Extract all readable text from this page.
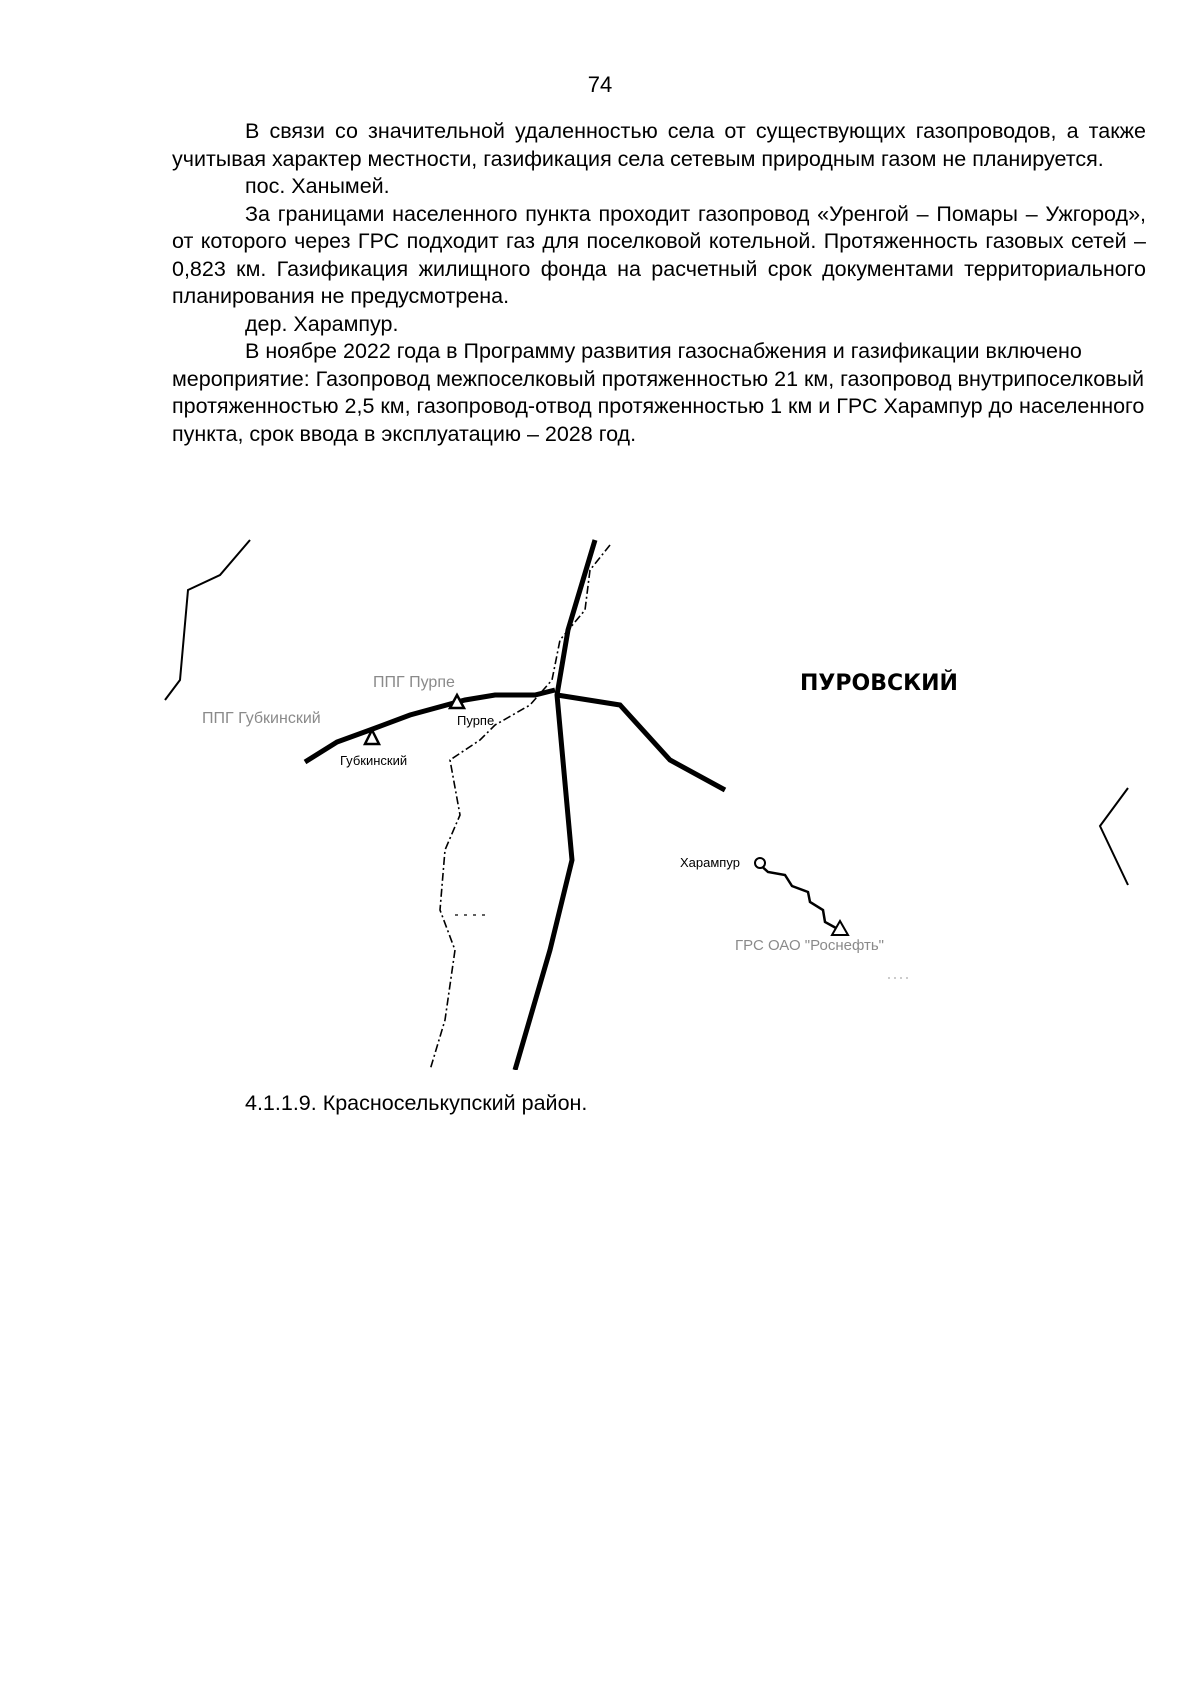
74

В связи со значительной удаленностью села от существующих газопроводов, а также учитывая характер местности, газификация села сетевым природным газом не планируется.

пос. Ханымей.

За границами населенного пункта проходит газопровод «Уренгой – Помары – Ужгород», от которого через ГРС подходит газ для поселковой котельной. Протяженность газовых сетей – 0,823 км. Газификация жилищного фонда на расчетный срок документами территориального планирования не предусмотрена.

дер. Харампур.

В ноябре 2022 года в Программу развития газоснабжения и газификации включено мероприятие: Газопровод межпоселковый протяженностью 21 км, газопровод внутрипоселковый протяженностью 2,5 км, газопровод-отвод протяженностью 1 км и ГРС Харампур до населенного пункта, срок ввода в эксплуатацию – 2028 год.

ПУРОВСКИЙ
ППГ Пурпе
ППГ Губкинский	Пурпе
Губкинский
Харампур
ГРС ОАО "Роснефть"
4.1.1.9. Красноселькупский район.
